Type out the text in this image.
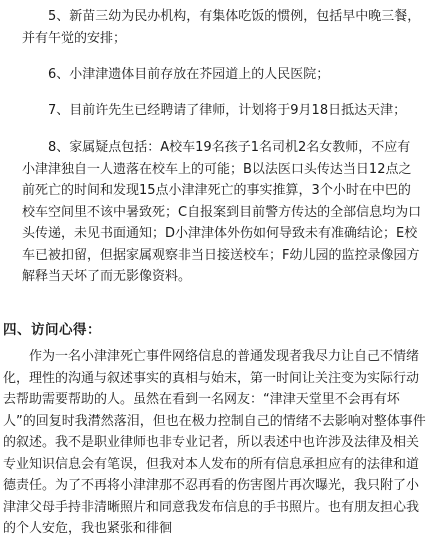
5、新苗三幼为民办机构，有集体吃饭的惯例，包括早中晚三餐，并有午觉的安排；

6、小津津遗体目前存放在芥园道上的人民医院；

7、目前许先生已经聘请了律师，计划将于9月18日抵达天津；

8、家属疑点包括：A校车19名孩子1名司机2名女教师，不应有小津津独自一人遗落在校车上的可能；B以法医口头传达当日12点之前死亡的时间和发现15点小津津死亡的事实推算，3个小时在中巴的校车空间里不该中暑致死；C自报案到目前警方传达的全部信息均为口头传递，未见书面通知；D小津津体外伤如何导致未有准确结论；E校车已被扣留，但据家属观察非当日接送校车；F幼儿园的监控录像园方解释当天坏了而无影像资料。

四、访问心得：

作为一名小津津死亡事件网络信息的普通发现者我尽力让自己不情绪化，理性的沟通与叙述事实的真相与始末，第一时间让关注变为实际行动去帮助需要帮助的人。虽然在看到一名网友：“津津天堂里不会再有坏人”的回复时我潸然落泪，但也在极力控制自己的情绪不去影响对整体事件的叙述。我不是职业律师也非专业记者，所以表述中也许涉及法律及相关专业知识信息会有笔误，但我对本人发布的所有信息承担应有的法律和道德责任。为了不再将小津津那不忍再看的伤害图片再次曝光，我只附了小津津父母手持非清晰照片和同意我发布信息的手书照片。也有朋友担心我的个人安危，我也紧张和徘徊
